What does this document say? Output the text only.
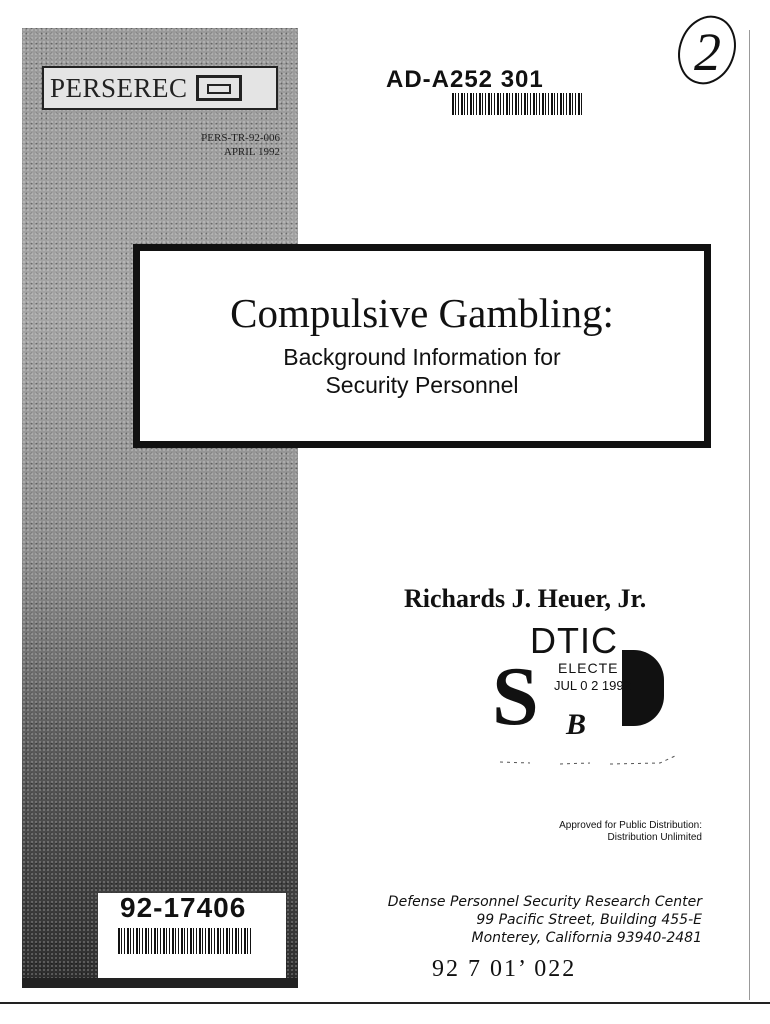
PERSEREC
PERS-TR-92-006
APRIL 1992
AD-A252 301	2
Compulsive Gambling:
Background Information for
Security Personnel
Richards J. Heuer, Jr.
DTIC
S ELECTE
JUL 0 2 1992
B
Approved for Public Distribution:
Distribution Unlimited
92-17406	Defense Personnel Security Research Center
99 Pacific Street, Building 455-E
Monterey, California 93940-2481
92 7 01’ 022
